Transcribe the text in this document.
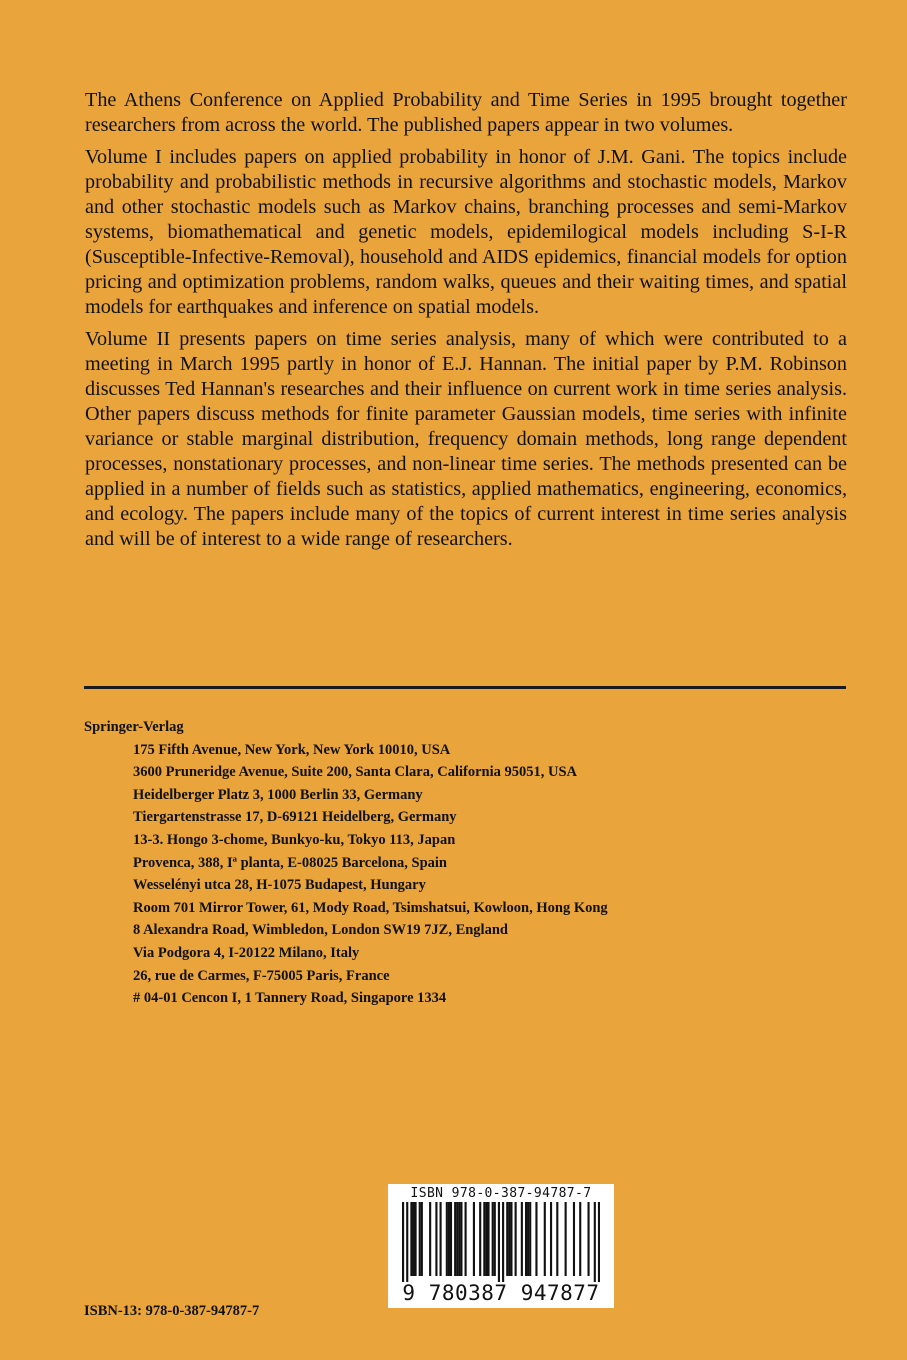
The Athens Conference on Applied Probability and Time Series in 1995 brought together researchers from across the world. The published papers appear in two volumes.

Volume I includes papers on applied probability in honor of J.M. Gani. The topics include probability and probabilistic methods in recursive algorithms and stochastic models, Markov and other stochastic models such as Markov chains, branching processes and semi-Markov systems, biomathematical and genetic models, epidemilogical models including S-I-R (Susceptible-Infective-Removal), household and AIDS epidemics, financial models for option pricing and optimization problems, random walks, queues and their waiting times, and spatial models for earthquakes and inference on spatial models.

Volume II presents papers on time series analysis, many of which were contributed to a meeting in March 1995 partly in honor of E.J. Hannan. The initial paper by P.M. Robinson discusses Ted Hannan's researches and their influence on current work in time series analysis. Other papers discuss methods for finite parameter Gaussian models, time series with infinite variance or stable marginal distribution, frequency domain methods, long range dependent processes, nonstationary processes, and non-linear time series. The methods presented can be applied in a number of fields such as statistics, applied mathematics, engineering, economics, and ecology. The papers include many of the topics of current interest in time series analysis and will be of interest to a wide range of researchers.

Springer-Verlag

175 Fifth Avenue, New York, New York 10010, USA
3600 Pruneridge Avenue, Suite 200, Santa Clara, California 95051, USA
Heidelberger Platz 3, 1000 Berlin 33, Germany
Tiergartenstrasse 17, D-69121 Heidelberg, Germany
13-3. Hongo 3-chome, Bunkyo-ku, Tokyo 113, Japan
Provenca, 388, Iª planta, E-08025 Barcelona, Spain
Wesselényi utca 28, H-1075 Budapest, Hungary
Room 701 Mirror Tower, 61, Mody Road, Tsimshatsui, Kowloon, Hong Kong
8 Alexandra Road, Wimbledon, London SW19 7JZ, England
Via Podgora 4, I-20122 Milano, Italy
26, rue de Carmes, F-75005 Paris, France
# 04-01 Cencon I, 1 Tannery Road, Singapore 1334
ISBN 978-0-387-94787-7
9 780387 947877
ISBN-13: 978-0-387-94787-7
